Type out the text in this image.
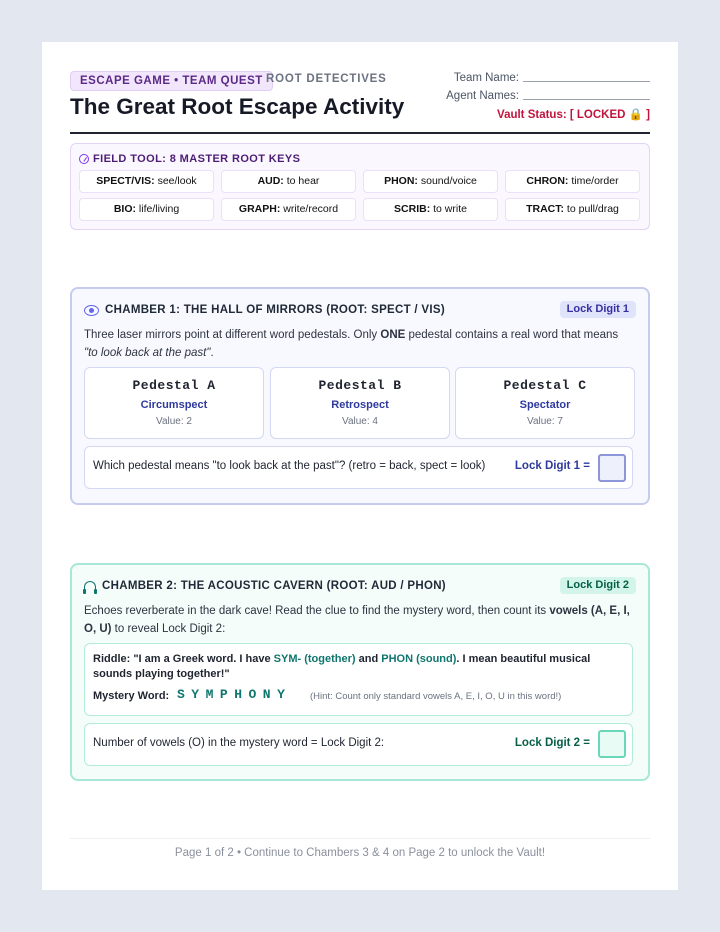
ESCAPE GAME • TEAM QUEST ROOT DETECTIVES
The Great Root Escape Activity
Team Name:
Agent Names:
Vault Status: [ LOCKED 🔒 ]
FIELD TOOL: 8 MASTER ROOT KEYS
SPECT/VIS: see/look	AUD: to hear	PHON: sound/voice	CHRON: time/order
BIO: life/living	GRAPH: write/record	SCRIB: to write	TRACT: to pull/drag
CHAMBER 1: THE HALL OF MIRRORS (ROOT: SPECT / VIS)	Lock Digit 1
Three laser mirrors point at different word pedestals. Only ONE pedestal contains a real word that means "to look back at the past".
Pedestal A
Circumspect
Value: 2
Pedestal B
Retrospect
Value: 4
Pedestal C
Spectator
Value: 7
Which pedestal means "to look back at the past"? (retro = back, spect = look)	Lock Digit 1 =
CHAMBER 2: THE ACOUSTIC CAVERN (ROOT: AUD / PHON)	Lock Digit 2
Echoes reverberate in the dark cave! Read the clue to find the mystery word, then count its vowels (A, E, I, O, U) to reveal Lock Digit 2:
Riddle: "I am a Greek word. I have SYM- (together) and PHON (sound). I mean beautiful musical sounds playing together!"
Mystery Word: SYMPHONY (Hint: Count only standard vowels A, E, I, O, U in this word!)
Number of vowels (O) in the mystery word = Lock Digit 2:	Lock Digit 2 =
Page 1 of 2 • Continue to Chambers 3 & 4 on Page 2 to unlock the Vault!
